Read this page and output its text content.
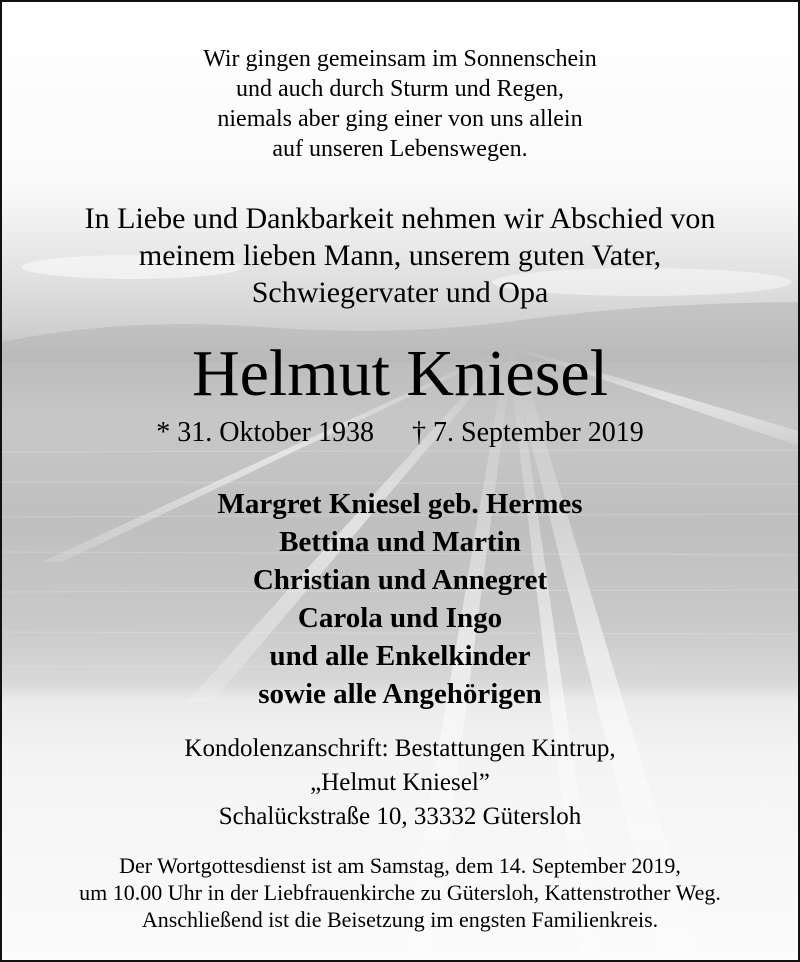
Wir gingen gemeinsam im Sonnenschein
und auch durch Sturm und Regen,
niemals aber ging einer von uns allein
auf unseren Lebenswegen.
In Liebe und Dankbarkeit nehmen wir Abschied von
meinem lieben Mann, unserem guten Vater,
Schwiegervater und Opa
Helmut Kniesel
* 31. Oktober 1938 † 7. September 2019
Margret Kniesel geb. Hermes
Bettina und Martin
Christian und Annegret
Carola und Ingo
und alle Enkelkinder
sowie alle Angehörigen
Kondolenzanschrift: Bestattungen Kintrup,
„Helmut Kniesel”
Schalückstraße 10, 33332 Gütersloh
Der Wortgottesdienst ist am Samstag, dem 14. September 2019,
um 10.00 Uhr in der Liebfrauenkirche zu Gütersloh, Kattenstrother Weg.
Anschließend ist die Beisetzung im engsten Familienkreis.
